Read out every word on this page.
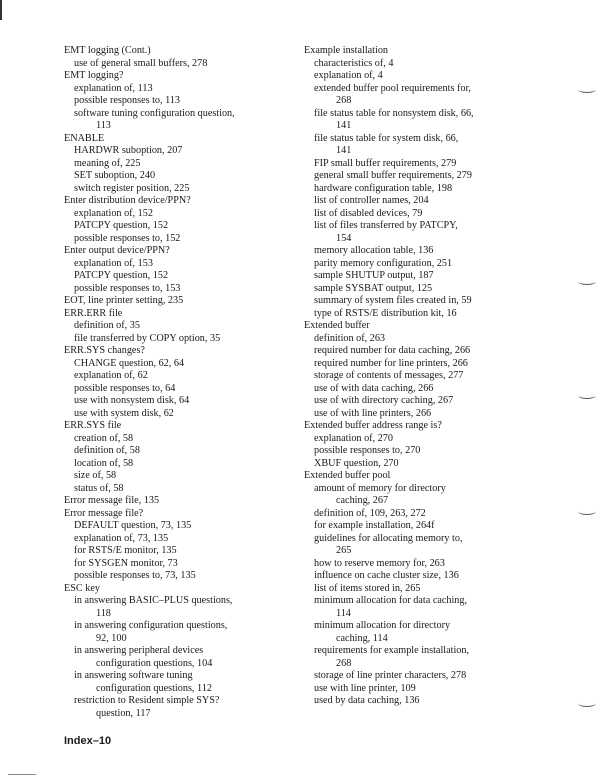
EMT logging (Cont.)
use of general small buffers, 278
EMT logging?
explanation of, 113
possible responses to, 113
software tuning configuration question,
113
ENABLE
HARDWR suboption, 207
meaning of, 225
SET suboption, 240
switch register position, 225
Enter distribution device/PPN?
explanation of, 152
PATCPY question, 152
possible responses to, 152
Enter output device/PPN?
explanation of, 153
PATCPY question, 152
possible responses to, 153
EOT, line printer setting, 235
ERR.ERR file
definition of, 35
file transferred by COPY option, 35
ERR.SYS changes?
CHANGE question, 62, 64
explanation of, 62
possible responses to, 64
use with nonsystem disk, 64
use with system disk, 62
ERR.SYS file
creation of, 58
definition of, 58
location of, 58
size of, 58
status of, 58
Error message file, 135
Error message file?
DEFAULT question, 73, 135
explanation of, 73, 135
for RSTS/E monitor, 135
for SYSGEN monitor, 73
possible responses to, 73, 135
ESC key
in answering BASIC–PLUS questions,
118
in answering configuration questions,
92, 100
in answering peripheral devices
configuration questions, 104
in answering software tuning
configuration questions, 112
restriction to Resident simple SYS?
question, 117
Example installation
characteristics of, 4
explanation of, 4
extended buffer pool requirements for,
268
file status table for nonsystem disk, 66,
141
file status table for system disk, 66,
141
FIP small buffer requirements, 279
general small buffer requirements, 279
hardware configuration table, 198
list of controller names, 204
list of disabled devices, 79
list of files transferred by PATCPY,
154
memory allocation table, 136
parity memory configuration, 251
sample SHUTUP output, 187
sample SYSBAT output, 125
summary of system files created in, 59
type of RSTS/E distribution kit, 16
Extended buffer
definition of, 263
required number for data caching, 266
required number for line printers, 266
storage of contents of messages, 277
use of with data caching, 266
use of with directory caching, 267
use of with line printers, 266
Extended buffer address range is?
explanation of, 270
possible responses to, 270
XBUF question, 270
Extended buffer pool
amount of memory for directory
caching, 267
definition of, 109, 263, 272
for example installation, 264f
guidelines for allocating memory to,
265
how to reserve memory for, 263
influence on cache cluster size, 136
list of items stored in, 265
minimum allocation for data caching,
114
minimum allocation for directory
caching, 114
requirements for example installation,
268
storage of line printer characters, 278
use with line printer, 109
used by data caching, 136
Index–10
